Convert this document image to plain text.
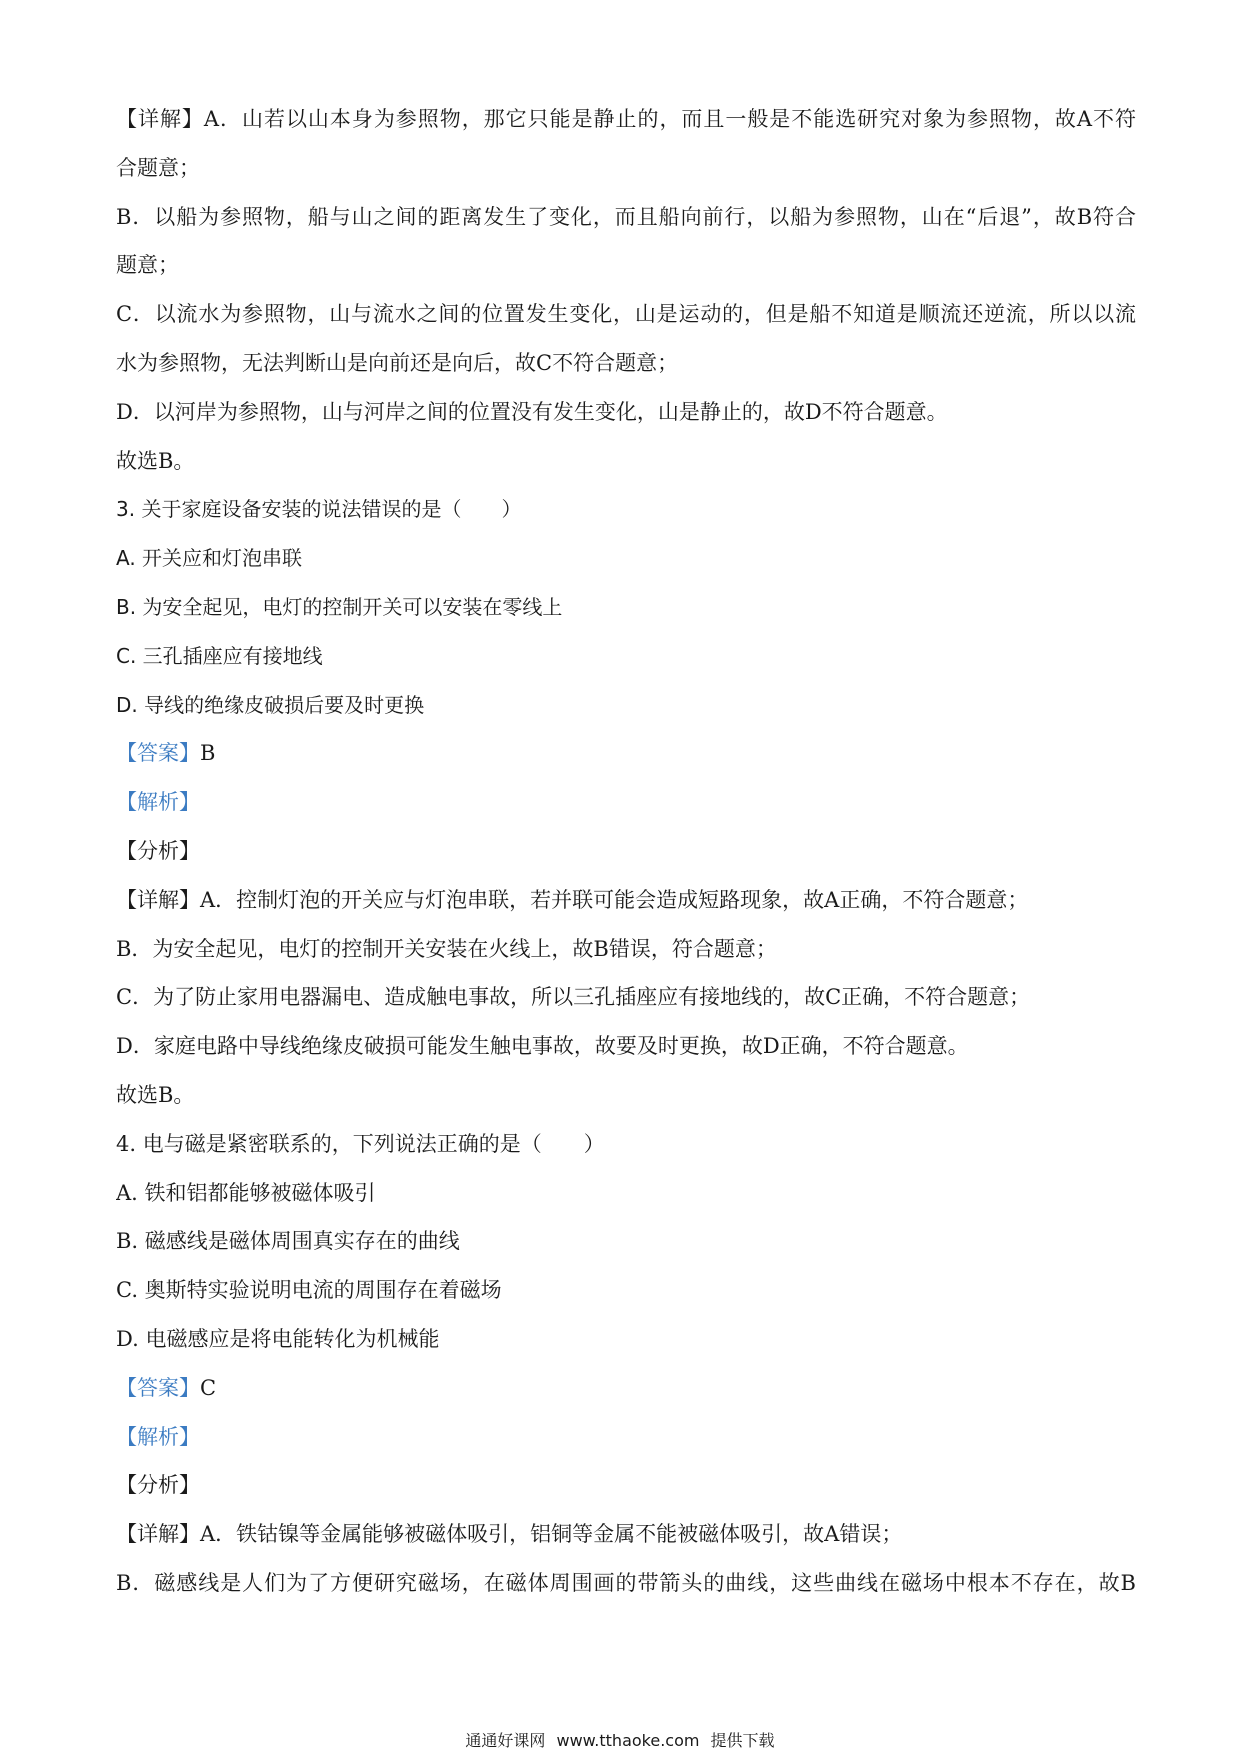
【详解】A．山若以山本身为参照物，那它只能是静止的，而且一般是不能选研究对象为参照物，故A不符
合题意；
B．以船为参照物，船与山之间的距离发生了变化，而且船向前行，以船为参照物，山在“后退”，故B符合
题意；
C．以流水为参照物，山与流水之间的位置发生变化，山是运动的，但是船不知道是顺流还逆流，所以以流
水为参照物，无法判断山是向前还是向后，故C不符合题意；
D．以河岸为参照物，山与河岸之间的位置没有发生变化，山是静止的，故D不符合题意。
故选B。
3. 关于家庭设备安装的说法错误的是（　　）
A. 开关应和灯泡串联
B. 为安全起见，电灯的控制开关可以安装在零线上
C. 三孔插座应有接地线
D. 导线的绝缘皮破损后要及时更换
【答案】B
【解析】
【分析】
【详解】A．控制灯泡的开关应与灯泡串联，若并联可能会造成短路现象，故A正确，不符合题意；
B．为安全起见，电灯的控制开关安装在火线上，故B错误，符合题意；
C．为了防止家用电器漏电、造成触电事故，所以三孔插座应有接地线的，故C正确，不符合题意；
D．家庭电路中导线绝缘皮破损可能发生触电事故，故要及时更换，故D正确，不符合题意。
故选B。
4. 电与磁是紧密联系的，下列说法正确的是（　　）
A. 铁和铝都能够被磁体吸引
B. 磁感线是磁体周围真实存在的曲线
C. 奥斯特实验说明电流的周围存在着磁场
D. 电磁感应是将电能转化为机械能
【答案】C
【解析】
【分析】
【详解】A．铁钴镍等金属能够被磁体吸引，铝铜等金属不能被磁体吸引，故A错误；
B．磁感线是人们为了方便研究磁场，在磁体周围画的带箭头的曲线，这些曲线在磁场中根本不存在，故B
通通好课网 www.tthaoke.com 提供下载
